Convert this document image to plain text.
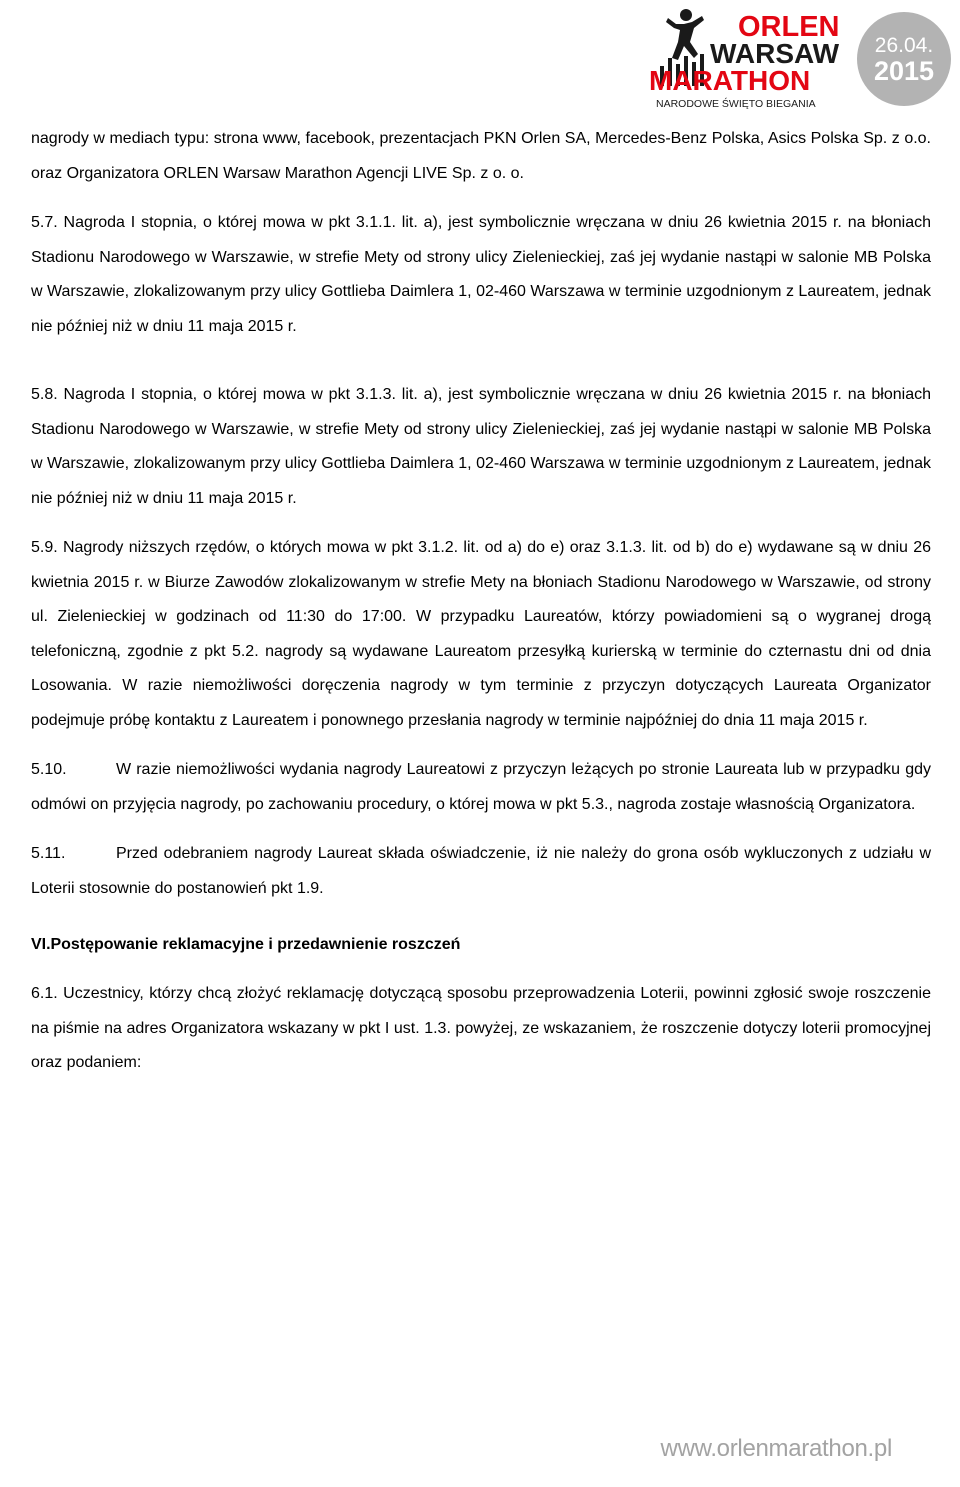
ORLEN
WARSAW
MARATHON
NARODOWE ŚWIĘTO BIEGANIA
26.04.
2015

nagrody w mediach typu: strona www, facebook, prezentacjach PKN Orlen SA, Mercedes-Benz Polska, Asics Polska Sp. z o.o. oraz Organizatora ORLEN Warsaw Marathon Agencji LIVE Sp. z o. o.

5.7. Nagroda I stopnia, o której mowa w pkt 3.1.1. lit. a), jest symbolicznie wręczana w dniu 26 kwietnia 2015 r. na błoniach Stadionu Narodowego w Warszawie, w strefie Mety od strony ulicy Zielenieckiej, zaś jej wydanie nastąpi w salonie MB Polska w Warszawie, zlokalizowanym przy ulicy Gottlieba Daimlera 1, 02-460 Warszawa w terminie uzgodnionym z Laureatem, jednak nie później niż w dniu 11 maja 2015 r.

5.8. Nagroda I stopnia, o której mowa w pkt 3.1.3. lit. a), jest symbolicznie wręczana w dniu 26 kwietnia 2015 r. na błoniach Stadionu Narodowego w Warszawie, w strefie Mety od strony ulicy Zielenieckiej, zaś jej wydanie nastąpi w salonie MB Polska w Warszawie, zlokalizowanym przy ulicy Gottlieba Daimlera 1, 02-460 Warszawa w terminie uzgodnionym z Laureatem, jednak nie później niż w dniu 11 maja 2015 r.

5.9. Nagrody niższych rzędów, o których mowa w pkt 3.1.2. lit. od a) do e) oraz 3.1.3. lit. od b) do e) wydawane są w dniu 26 kwietnia 2015 r. w Biurze Zawodów zlokalizowanym w strefie Mety na błoniach Stadionu Narodowego w Warszawie, od strony ul. Zielenieckiej w godzinach od 11:30 do 17:00. W przypadku Laureatów, którzy powiadomieni są o wygranej drogą telefoniczną, zgodnie z pkt 5.2. nagrody są wydawane Laureatom przesyłką kurierską w terminie do czternastu dni od dnia Losowania. W razie niemożliwości doręczenia nagrody w tym terminie z przyczyn dotyczących Laureata Organizator podejmuje próbę kontaktu z Laureatem i ponownego przesłania nagrody w terminie najpóźniej do dnia 11 maja 2015 r.

5.10.	W razie niemożliwości wydania nagrody Laureatowi z przyczyn leżących po stronie Laureata lub w przypadku gdy odmówi on przyjęcia nagrody, po zachowaniu procedury, o której mowa w pkt 5.3., nagroda zostaje własnością Organizatora.

5.11.	Przed odebraniem nagrody Laureat składa oświadczenie, iż nie należy do grona osób wykluczonych z udziału w Loterii stosownie do postanowień pkt 1.9.

VI. Postępowanie reklamacyjne i przedawnienie roszczeń

6.1. Uczestnicy, którzy chcą złożyć reklamację dotyczącą sposobu przeprowadzenia Loterii, powinni zgłosić swoje roszczenie na piśmie na adres Organizatora wskazany w pkt I ust. 1.3. powyżej, ze wskazaniem, że roszczenie dotyczy loterii promocyjnej oraz podaniem:

www.orlenmarathon.pl
